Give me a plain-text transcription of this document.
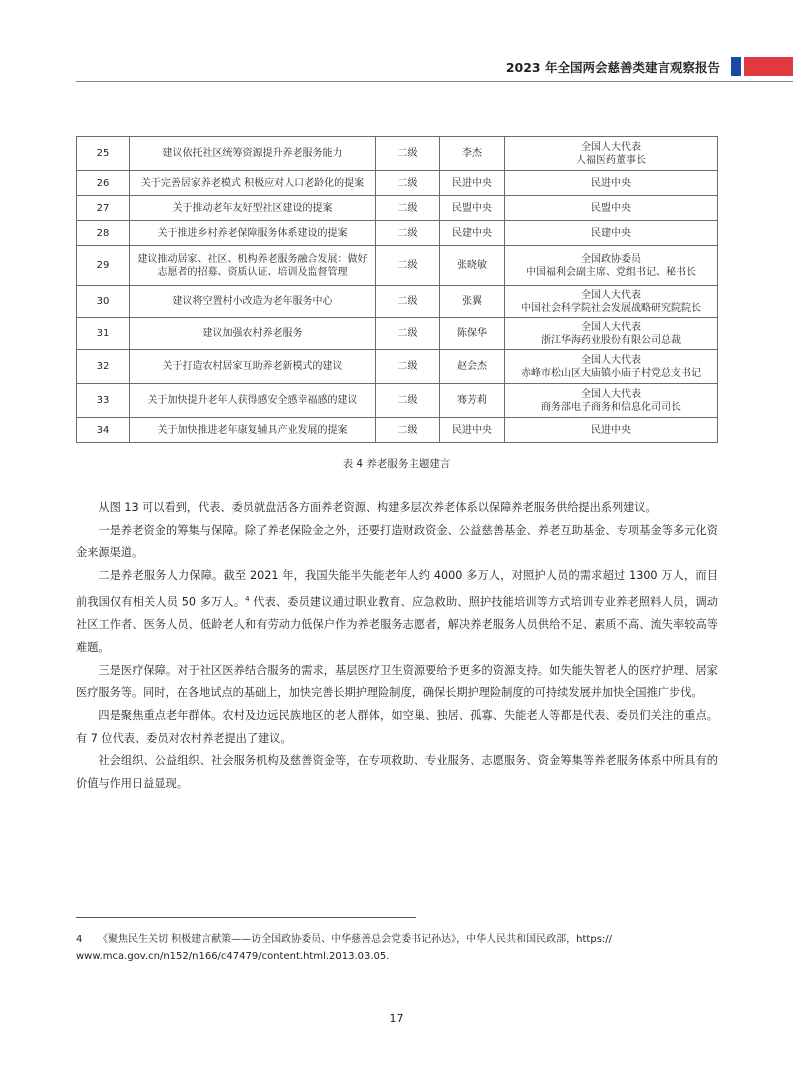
2023 年全国两会慈善类建言观察报告
25	建议依托社区统筹资源提升养老服务能力	二级	李杰	全国人大代表
人福医药董事长
26	关于完善居家养老模式 积极应对人口老龄化的提案	二级	民进中央	民进中央
27	关于推动老年友好型社区建设的提案	二级	民盟中央	民盟中央
28	关于推进乡村养老保障服务体系建设的提案	二级	民建中央	民建中央
29	建议推动居家、社区、机构养老服务融合发展：做好志愿者的招募、资质认证、培训及监督管理	二级	张晓敏	全国政协委员
中国福利会副主席、党组书记、秘书长
30	建议将空置村小改造为老年服务中心	二级	张翼	全国人大代表
中国社会科学院社会发展战略研究院院长
31	建议加强农村养老服务	二级	陈保华	全国人大代表
浙江华海药业股份有限公司总裁
32	关于打造农村居家互助养老新模式的建议	二级	赵会杰	全国人大代表
赤峰市松山区大庙镇小庙子村党总支书记
33	关于加快提升老年人获得感安全感幸福感的建议	二级	骞芳莉	全国人大代表
商务部电子商务和信息化司司长
34	关于加快推进老年康复辅具产业发展的提案	二级	民进中央	民进中央
表 4 养老服务主题建言

从图 13 可以看到，代表、委员就盘活各方面养老资源、构建多层次养老体系以保障养老服务供给提出系列建议。

一是养老资金的筹集与保障。除了养老保险金之外，还要打造财政资金、公益慈善基金、养老互助基金、专项基金等多元化资金来源渠道。

二是养老服务人力保障。截至 2021 年，我国失能半失能老年人约 4000 多万人，对照护人员的需求超过 1300 万人，而目前我国仅有相关人员 50 多万人。$^4$ 代表、委员建议通过职业教育、应急救助、照护技能培训等方式培训专业养老照料人员，调动社区工作者、医务人员、低龄老人和有劳动力低保户作为养老服务志愿者，解决养老服务人员供给不足、素质不高、流失率较高等难题。

三是医疗保障。对于社区医养结合服务的需求，基层医疗卫生资源要给予更多的资源支持。如失能失智老人的医疗护理、居家医疗服务等。同时，在各地试点的基础上，加快完善长期护理险制度，确保长期护理险制度的可持续发展并加快全国推广步伐。

四是聚焦重点老年群体。农村及边远民族地区的老人群体，如空巢、独居、孤寡、失能老人等都是代表、委员们关注的重点。有 7 位代表、委员对农村养老提出了建议。

社会组织、公益组织、社会服务机构及慈善资金等，在专项救助、专业服务、志愿服务、资金筹集等养老服务体系中所具有的价值与作用日益显现。

4 《聚焦民生关切 积极建言献策——访全国政协委员、中华慈善总会党委书记孙达》，中华人民共和国民政部，https://
www.mca.gov.cn/n152/n166/c47479/content.html.2013.03.05.
17
